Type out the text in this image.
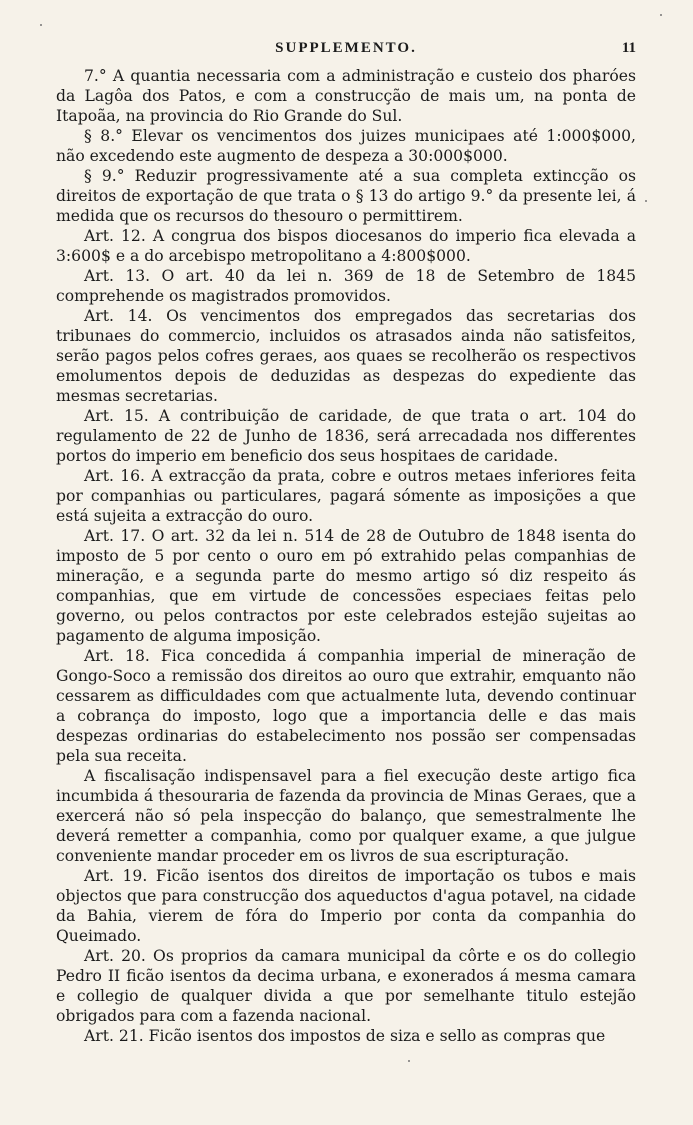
SUPPLEMENTO.	11

7.° A quantia necessaria com a administração e custeio dos pharóes da Lagôa dos Patos, e com a construcção de mais um, na ponta de Itapoãa, na provincia do Rio Grande do Sul.

§ 8.° Elevar os vencimentos dos juizes municipaes até 1:000$000, não excedendo este augmento de despeza a 30:000$000.

§ 9.° Reduzir progressivamente até a sua completa extincção os direitos de exportação de que trata o § 13 do artigo 9.° da presente lei, á medida que os recursos do thesouro o permittirem.

Art. 12. A congrua dos bispos diocesanos do imperio fica elevada a 3:600$ e a do arcebispo metropolitano a 4:800$000.

Art. 13. O art. 40 da lei n. 369 de 18 de Setembro de 1845 comprehende os magistrados promovidos.

Art. 14. Os vencimentos dos empregados das secretarias dos tribunaes do commercio, incluidos os atrasados ainda não satisfeitos, serão pagos pelos cofres geraes, aos quaes se recolherão os respectivos emolumentos depois de deduzidas as despezas do expediente das mesmas secretarias.

Art. 15. A contribuição de caridade, de que trata o art. 104 do regulamento de 22 de Junho de 1836, será arrecadada nos differentes portos do imperio em beneficio dos seus hospitaes de caridade.

Art. 16. A extracção da prata, cobre e outros metaes inferiores feita por companhias ou particulares, pagará sómente as imposições a que está sujeita a extracção do ouro.

Art. 17. O art. 32 da lei n. 514 de 28 de Outubro de 1848 isenta do imposto de 5 por cento o ouro em pó extrahido pelas companhias de mineração, e a segunda parte do mesmo artigo só diz respeito ás companhias, que em virtude de concessões especiaes feitas pelo governo, ou pelos contractos por este celebrados estejão sujeitas ao pagamento de alguma imposição.

Art. 18. Fica concedida á companhia imperial de mineração de Gongo-Soco a remissão dos direitos ao ouro que extrahir, emquanto não cessarem as difficuldades com que actualmente luta, devendo continuar a cobrança do imposto, logo que a importancia delle e das mais despezas ordinarias do estabelecimento nos possão ser compensadas pela sua receita.

A fiscalisação indispensavel para a fiel execução deste artigo fica incumbida á thesouraria de fazenda da provincia de Minas Geraes, que a exercerá não só pela inspecção do balanço, que semestralmente lhe deverá remetter a companhia, como por qualquer exame, a que julgue conveniente mandar proceder em os livros de sua escripturação.

Art. 19. Ficão isentos dos direitos de importação os tubos e mais objectos que para construcção dos aqueductos d'agua potavel, na cidade da Bahia, vierem de fóra do Imperio por conta da companhia do Queimado.

Art. 20. Os proprios da camara municipal da côrte e os do collegio Pedro II ficão isentos da decima urbana, e exonerados á mesma camara e collegio de qualquer divida a que por semelhante titulo estejão obrigados para com a fazenda nacional.

Art. 21. Ficão isentos dos impostos de siza e sello as compras que
